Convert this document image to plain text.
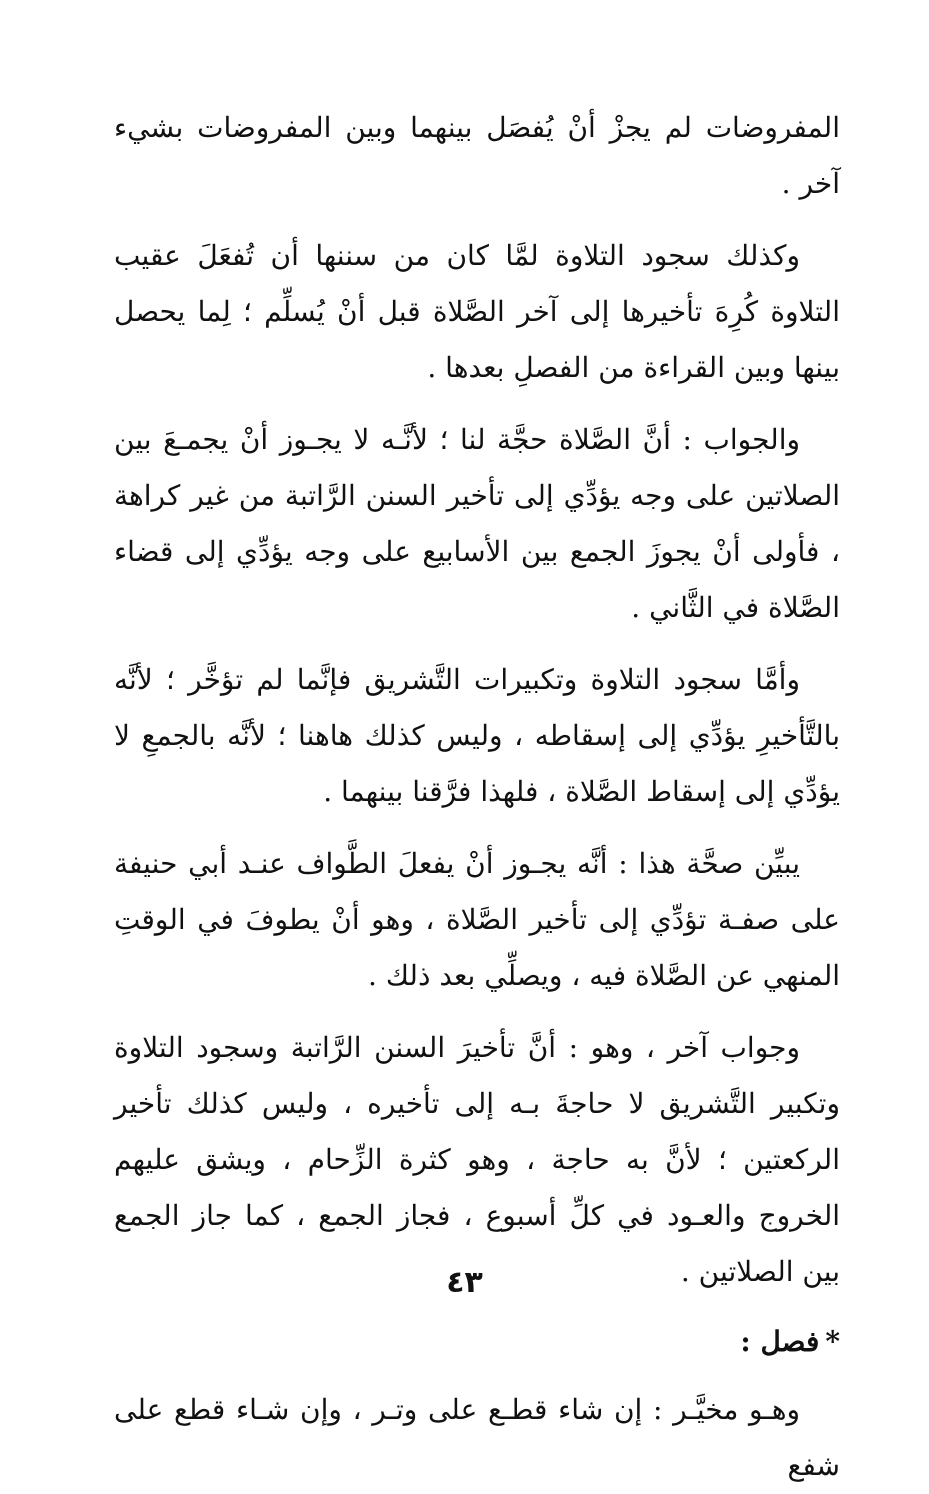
المفروضات لم يجزْ أنْ يُفصَل بينهما وبين المفروضات بشيء آخر .

وكذلك سجود التلاوة لمَّا كان من سننها أن تُفعَلَ عقيب التلاوة كُرِهَ تأخيرها إلى آخر الصَّلاة قبل أنْ يُسلِّم ؛ لِما يحصل بينها وبين القراءة من الفصلِ بعدها .

والجواب : أنَّ الصَّلاة حجَّة لنا ؛ لأنَّـه لا يجـوز أنْ يجمـعَ بين الصلاتين على وجه يؤدِّي إلى تأخير السنن الرَّاتبة من غير كراهة ، فأولى أنْ يجوزَ الجمع بين الأسابيع على وجه يؤدِّي إلى قضاء الصَّلاة في الثَّاني .

وأمَّا سجود التلاوة وتكبيرات التَّشريق فإنَّما لم تؤخَّر ؛ لأنَّه بالتَّأخيرِ يؤدِّي إلى إسقاطه ، وليس كذلك هاهنا ؛ لأنَّه بالجمعِ لا يؤدِّي إلى إسقاط الصَّلاة ، فلهذا فرَّقنا بينهما .

يبيِّن صحَّة هذا : أنَّه يجـوز أنْ يفعلَ الطَّواف عنـد أبي حنيفة على صفـة تؤدِّي إلى تأخير الصَّلاة ، وهو أنْ يطوفَ في الوقتِ المنهي عن الصَّلاة فيه ، ويصلِّي بعد ذلك .

وجواب آخر ، وهو : أنَّ تأخيرَ السنن الرَّاتبة وسجود التلاوة وتكبير التَّشريق لا حاجةَ بـه إلى تأخيره ، وليس كذلك تأخير الركعتين ؛ لأنَّ به حاجة ، وهو كثرة الزِّحام ، ويشق عليهم الخروج والعـود في كلِّ أسبوع ، فجاز الجمع ، كما جاز الجمع بين الصلاتين .

*فصل :

وهـو مخيَّـر : إن شاء قطـع على وتـر ، وإن شـاء قطع على شفع

٤٣
